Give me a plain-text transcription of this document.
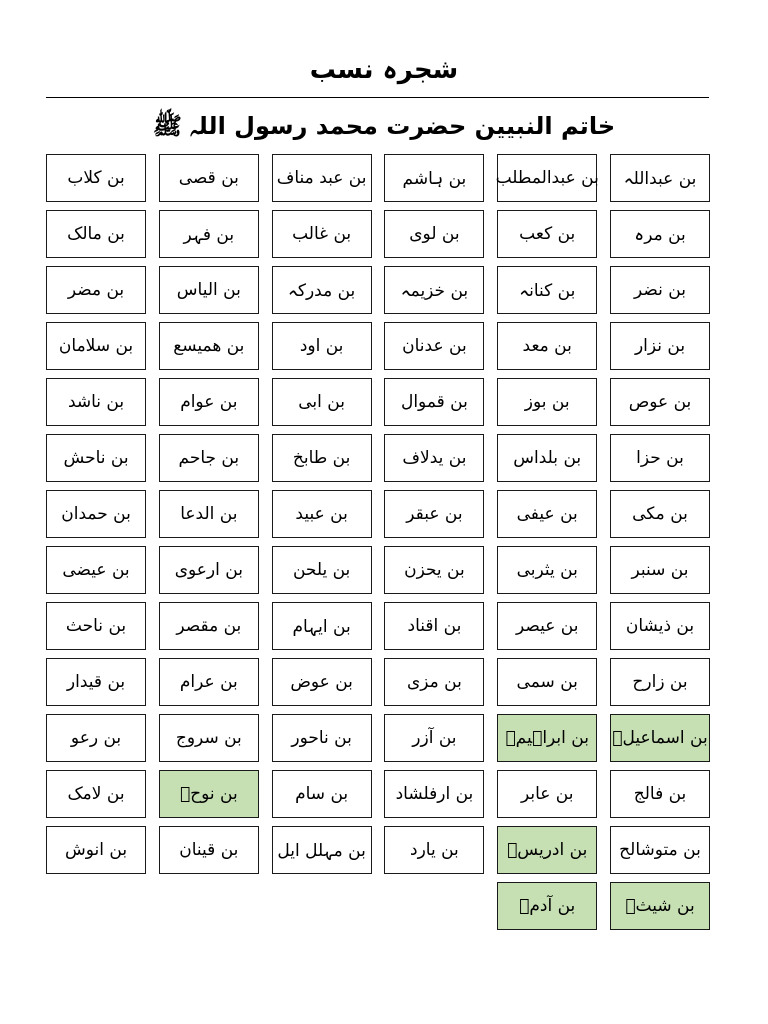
شجرہ نسب
خاتم النبیین حضرت محمد رسول اللہ ﷺ
بن عبداللہ
بن عبدالمطلب
بن ہاشم
بن عبد مناف
بن قصی
بن کلاب
بن مرہ
بن کعب
بن لوی
بن غالب
بن فہر
بن مالک
بن نضر
بن کنانہ
بن خزیمہ
بن مدرکہ
بن الیاس
بن مضر
بن نزار
بن معد
بن عدنان
بن اود
بن ھمیسع
بن سلامان
بن عوص
بن بوز
بن قموال
بن ابی
بن عوام
بن ناشد
بن حزا
بن بلداس
بن یدلاف
بن طابخ
بن جاحم
بن ناحش
بن مکی
بن عیفی
بن عبقر
بن عبید
بن الدعا
بن حمدان
بن سنبر
بن یثربی
بن یحزن
بن یلحن
بن ارعوی
بن عیضی
بن ذیشان
بن عیصر
بن اقناد
بن ایہام
بن مقصر
بن ناحث
بن زارح
بن سمی
بن مزی
بن عوض
بن عرام
بن قیدار
بن اسماعیلؑ
بن ابراہیمؑ
بن آزر
بن ناحور
بن سروج
بن رعو
بن فالج
بن عابر
بن ارفلشاد
بن سام
بن نوحؑ
بن لامک
بن متوشالح
بن ادریسؑ
بن یارد
بن مہلل ایل
بن قینان
بن انوش
بن شیثؑ
بن آدمؑ
